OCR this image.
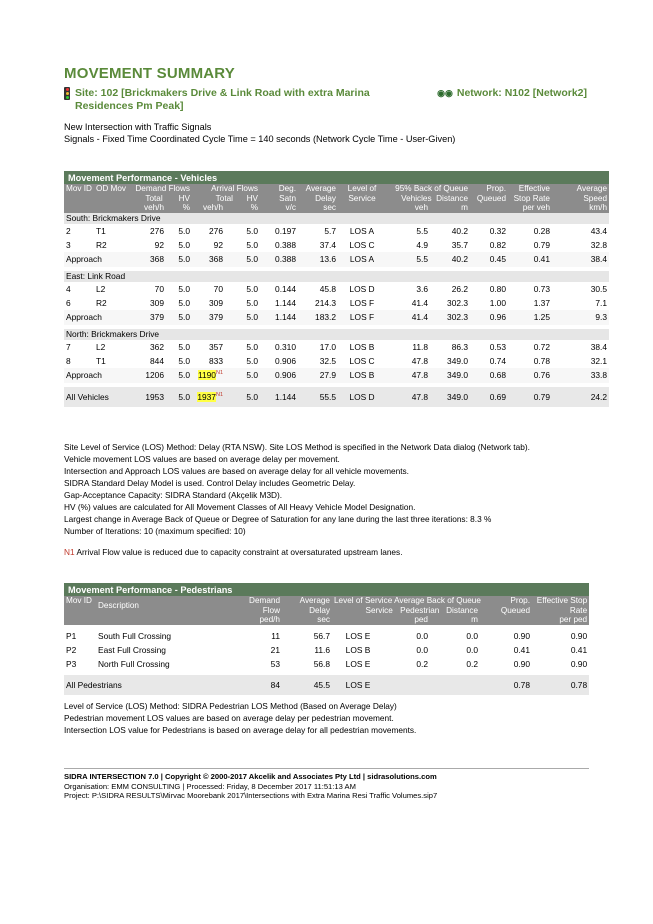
MOVEMENT SUMMARY
Site: 102 [Brickmakers Drive & Link Road with extra Marina Residences Pm Peak]
◉◉ Network: N102 [Network2]
New Intersection with Traffic Signals
Signals - Fixed Time Coordinated Cycle Time = 140 seconds (Network Cycle Time - User-Given)
Movement Performance - Vehicles													
Mov ID	OD Mov	Demand Flows
Total HV		Arrival Flows
Total HV		Deg. Satn	Average Delay	Level of Service	95% Back of Queue
Vehicles Distance		Prop. Queued	Effective Stop Rate	Average Speed
		veh/h	%	veh/h	%	v/c	sec		veh	m		per veh	km/h
South: Brickmakers Drive													
2	T1	276	5.0	276	5.0	0.197	5.7	LOS A	5.5	40.2	0.32	0.28	43.4
3	R2	92	5.0	92	5.0	0.388	37.4	LOS C	4.9	35.7	0.82	0.79	32.8
Approach		368	5.0	368	5.0	0.388	13.6	LOS A	5.5	40.2	0.45	0.41	38.4

East: Link Road													
4	L2	70	5.0	70	5.0	0.144	45.8	LOS D	3.6	26.2	0.80	0.73	30.5
6	R2	309	5.0	309	5.0	1.144	214.3	LOS F	41.4	302.3	1.00	1.37	7.1
Approach		379	5.0	379	5.0	1.144	183.2	LOS F	41.4	302.3	0.96	1.25	9.3

North: Brickmakers Drive													
7	L2	362	5.0	357	5.0	0.310	17.0	LOS B	11.8	86.3	0.53	0.72	38.4
8	T1	844	5.0	833	5.0	0.906	32.5	LOS C	47.8	349.0	0.74	0.78	32.1
Approach		1206	5.0	$1190^{N1}$	5.0	0.906	27.9	LOS B	47.8	349.0	0.68	0.76	33.8

All Vehicles		1953	5.0	$1937^{N1}$	5.0	1.144	55.5	LOS D	47.8	349.0	0.69	0.79	24.2
Site Level of Service (LOS) Method: Delay (RTA NSW). Site LOS Method is specified in the Network Data dialog (Network tab).
Vehicle movement LOS values are based on average delay per movement.
Intersection and Approach LOS values are based on average delay for all vehicle movements.
SIDRA Standard Delay Model is used. Control Delay includes Geometric Delay.
Gap-Acceptance Capacity: SIDRA Standard (Akçelik M3D).
HV (%) values are calculated for All Movement Classes of All Heavy Vehicle Model Designation.
Largest change in Average Back of Queue or Degree of Saturation for any lane during the last three iterations: 8.3 %
Number of Iterations: 10 (maximum specified: 10)
N1 Arrival Flow value is reduced due to capacity constraint at oversaturated upstream lanes.
Movement Performance - Pedestrians								
Mov ID	Description	Demand Flow	Average Delay	Level of Service Average Back of Queue
Service Pedestrian Distance			Prop. Queued	Effective Stop Rate
		ped/h	sec		ped	m		per ped

P1	South Full Crossing	11	56.7	LOS E	0.0	0.0	0.90	0.90
P2	East Full Crossing	21	11.6	LOS B	0.0	0.0	0.41	0.41
P3	North Full Crossing	53	56.8	LOS E	0.2	0.2	0.90	0.90

All Pedestrians		84	45.5	LOS E			0.78	0.78
Level of Service (LOS) Method: SIDRA Pedestrian LOS Method (Based on Average Delay)
Pedestrian movement LOS values are based on average delay per pedestrian movement.
Intersection LOS value for Pedestrians is based on average delay for all pedestrian movements.
SIDRA INTERSECTION 7.0 | Copyright © 2000-2017 Akcelik and Associates Pty Ltd | sidrasolutions.com
Organisation: EMM CONSULTING | Processed: Friday, 8 December 2017 11:51:13 AM
Project: P:\SIDRA RESULTS\Mirvac Moorebank 2017\Intersections with Extra Marina Resi Traffic Volumes.sip7
